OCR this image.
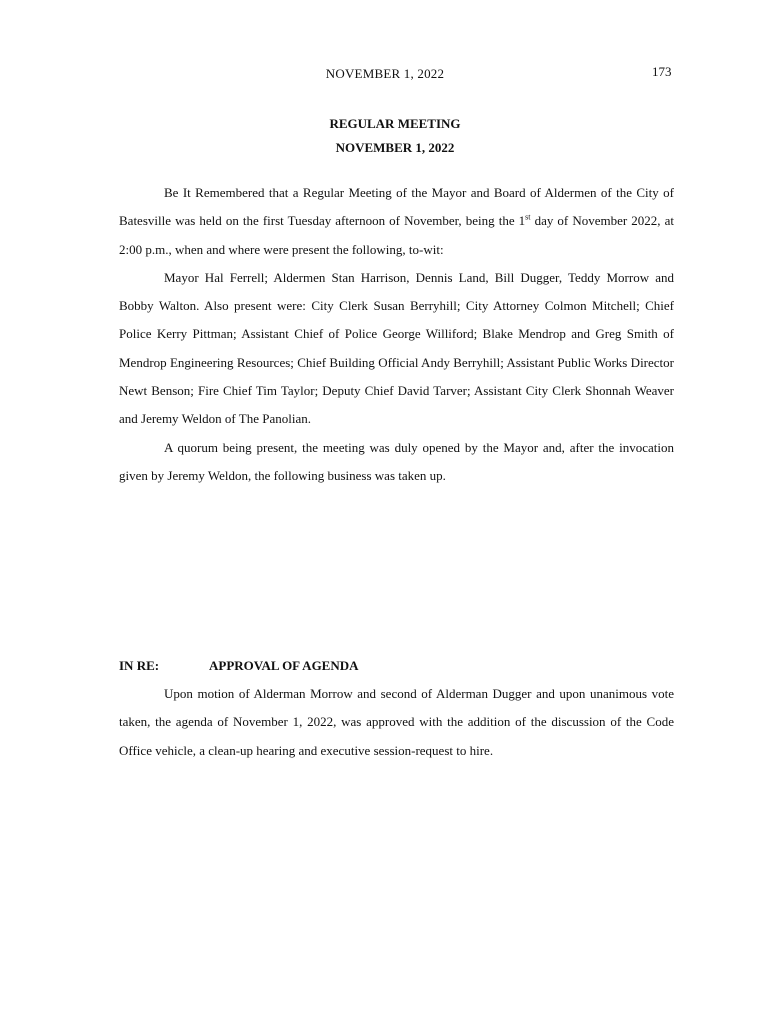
NOVEMBER 1, 2022	173
REGULAR MEETING
NOVEMBER 1, 2022

Be It Remembered that a Regular Meeting of the Mayor and Board of Aldermen of the City of Batesville was held on the first Tuesday afternoon of November, being the 1st day of November 2022, at 2:00 p.m., when and where were present the following, to-wit:

Mayor Hal Ferrell; Aldermen Stan Harrison, Dennis Land, Bill Dugger, Teddy Morrow and Bobby Walton. Also present were: City Clerk Susan Berryhill; City Attorney Colmon Mitchell; Chief Police Kerry Pittman; Assistant Chief of Police George Williford; Blake Mendrop and Greg Smith of Mendrop Engineering Resources; Chief Building Official Andy Berryhill; Assistant Public Works Director Newt Benson; Fire Chief Tim Taylor; Deputy Chief David Tarver; Assistant City Clerk Shonnah Weaver and Jeremy Weldon of The Panolian.

A quorum being present, the meeting was duly opened by the Mayor and, after the invocation given by Jeremy Weldon, the following business was taken up.

IN RE:	APPROVAL OF AGENDA

Upon motion of Alderman Morrow and second of Alderman Dugger and upon unanimous vote taken, the agenda of November 1, 2022, was approved with the addition of the discussion of the Code Office vehicle, a clean-up hearing and executive session-request to hire.
